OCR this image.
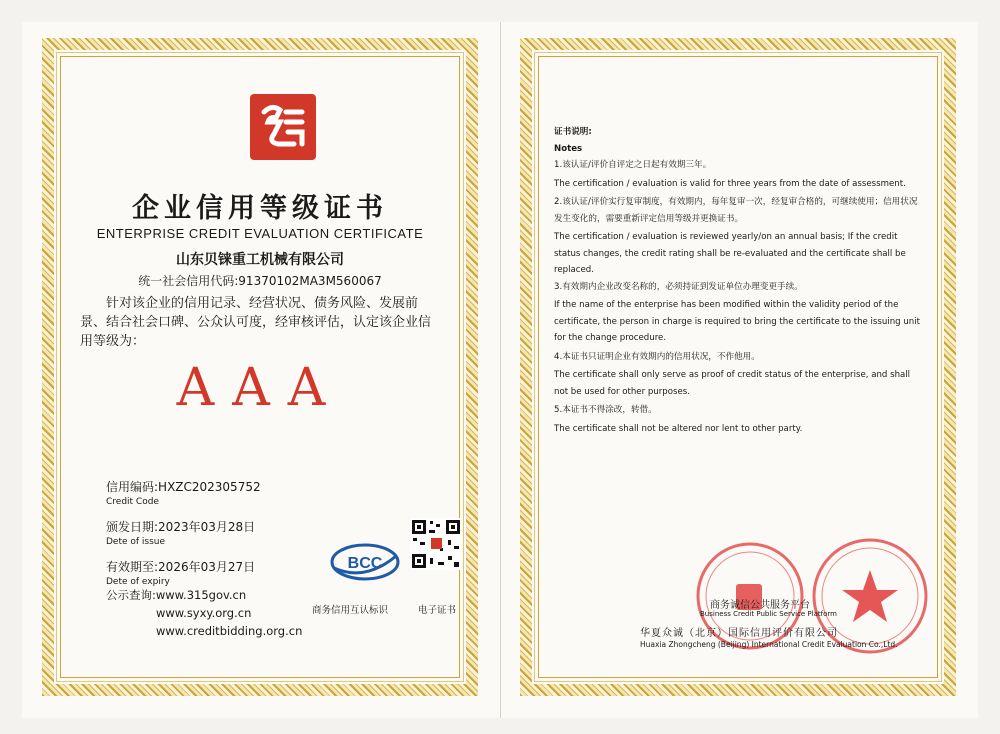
企业信用等级证书
ENTERPRISE CREDIT EVALUATION CERTIFICATE
山东贝铼重工机械有限公司
统一社会信用代码:91370102MA3M560067
针对该企业的信用记录、经营状况、债务风险、发展前景、结合社会口碑、公众认可度，经审核评估，认定该企业信用等级为：
AAA
信用编码:HXZC202305752
Credit Code
颁发日期:2023年03月28日
Dete of issue
有效期至:2026年03月27日
Dete of expiry
公示查询:www.315gov.cn
www.syxy.org.cn
www.creditbidding.org.cn
BCC
商务信用互认标识	电子证书

证书说明:

Notes

1.该认证/评价自评定之日起有效期三年。

The certification / evaluation is valid for three years from the date of assessment.

2.该认证/评价实行复审制度，有效期内，每年复审一次，经复审合格的，可继续使用；信用状况发生变化的，需要重新评定信用等级并更换证书。

The certification / evaluation is reviewed yearly/on an annual basis; If the credit status changes, the credit rating shall be re-evaluated and the certificate shall be replaced.

3.有效期内企业改变名称的，必须持证到发证单位办理变更手续。

If the name of the enterprise has been modified within the validity period of the certificate, the person in charge is required to bring the certificate to the issuing unit for the change procedure.

4.本证书只证明企业有效期内的信用状况，不作他用。

The certificate shall only serve as proof of credit status of the enterprise, and shall not be used for other purposes.

5.本证书不得涂改，转借。

The certificate shall not be altered nor lent to other party.

商务诚信公共服务平台
Business Credit Public Service Platform
华夏众诚（北京）国际信用评价有限公司
Huaxia Zhongcheng (Beijing) International Credit Evaluation Co.,Ltd.
